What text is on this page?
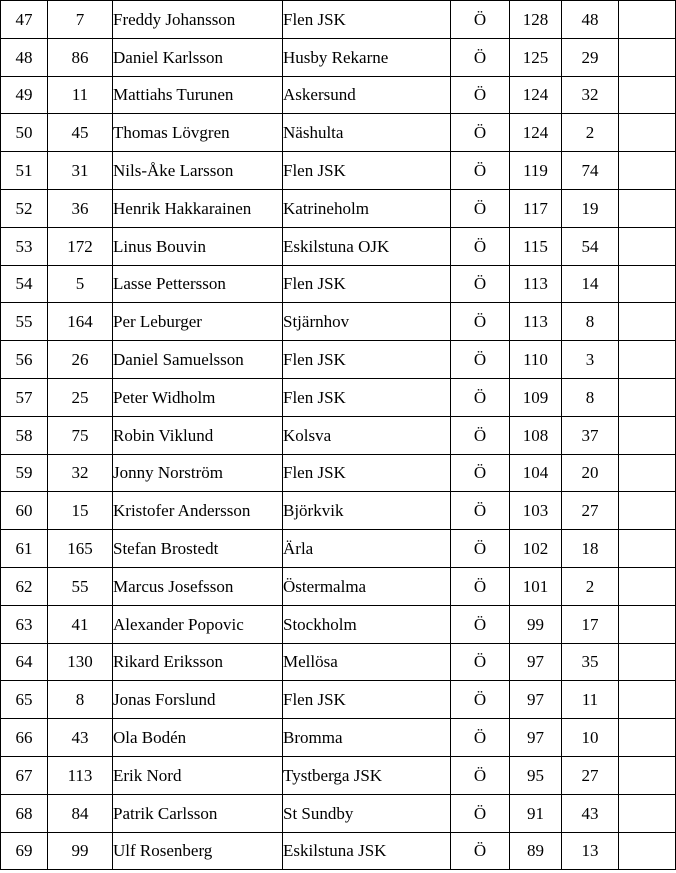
47	7	Freddy Johansson	Flen JSK	Ö	128	48	
48	86	Daniel Karlsson	Husby Rekarne	Ö	125	29	
49	11	Mattiahs Turunen	Askersund	Ö	124	32	
50	45	Thomas Lövgren	Näshulta	Ö	124	2	
51	31	Nils-Åke Larsson	Flen JSK	Ö	119	74	
52	36	Henrik Hakkarainen	Katrineholm	Ö	117	19	
53	172	Linus Bouvin	Eskilstuna OJK	Ö	115	54	
54	5	Lasse Pettersson	Flen JSK	Ö	113	14	
55	164	Per Leburger	Stjärnhov	Ö	113	8	
56	26	Daniel Samuelsson	Flen JSK	Ö	110	3	
57	25	Peter Widholm	Flen JSK	Ö	109	8	
58	75	Robin Viklund	Kolsva	Ö	108	37	
59	32	Jonny Norström	Flen JSK	Ö	104	20	
60	15	Kristofer Andersson	Björkvik	Ö	103	27	
61	165	Stefan Brostedt	Ärla	Ö	102	18	
62	55	Marcus Josefsson	Östermalma	Ö	101	2	
63	41	Alexander Popovic	Stockholm	Ö	99	17	
64	130	Rikard Eriksson	Mellösa	Ö	97	35	
65	8	Jonas Forslund	Flen JSK	Ö	97	11	
66	43	Ola Bodén	Bromma	Ö	97	10	
67	113	Erik Nord	Tystberga JSK	Ö	95	27	
68	84	Patrik Carlsson	St Sundby	Ö	91	43	
69	99	Ulf Rosenberg	Eskilstuna JSK	Ö	89	13	
